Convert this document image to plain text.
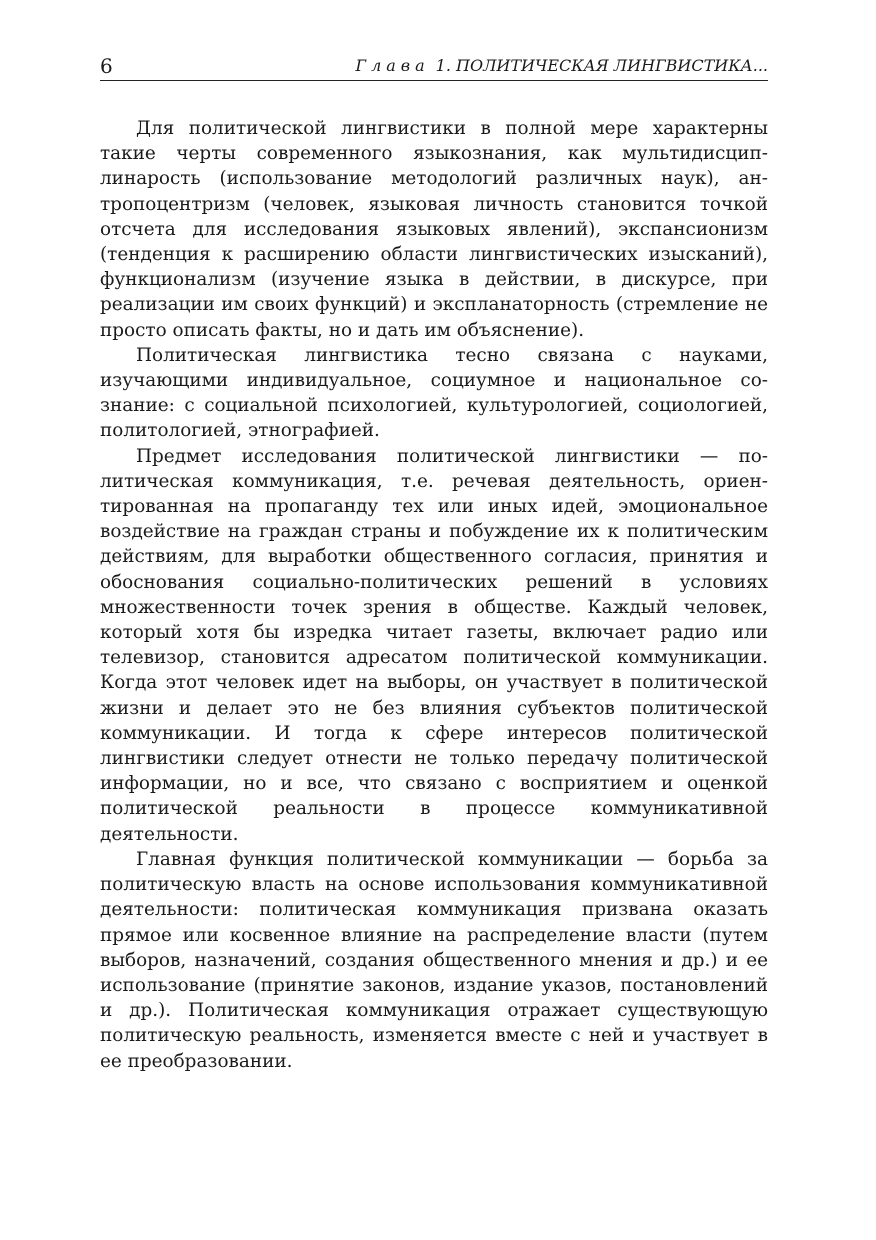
6	Глава 1. ПОЛИТИЧЕСКАЯ ЛИНГВИСТИКА...

Для политической лингвистики в полной мере характерны такие черты современного языкознания, как мультидисциплинарость (использование методологий различных наук), антропоцентризм (человек, языковая личность становится точкой отсчета для исследования языковых явлений), экспансионизм (тенденция к расширению области лингвистических изысканий), функционализм (изучение языка в действии, в дискурсе, при реализации им своих функций) и экспланаторность (стремление не просто описать факты, но и дать им объяснение).

Политическая лингвистика тесно связана с науками, изучающими индивидуальное, социумное и национальное сознание: с социальной психологией, культурологией, социологией, политологией, этнографией.

Предмет исследования политической лингвистики — политическая коммуникация, т.е. речевая деятельность, ориентированная на пропаганду тех или иных идей, эмоциональное воздействие на граждан страны и побуждение их к политическим действиям, для выработки общественного согласия, принятия и обоснования социально-политических решений в условиях множественности точек зрения в обществе. Каждый человек, который хотя бы изредка читает газеты, включает радио или телевизор, становится адресатом политической коммуникации. Когда этот человек идет на выборы, он участвует в политической жизни и делает это не без влияния субъектов политической коммуникации. И тогда к сфере интересов политической лингвистики следует отнести не только передачу политической информации, но и все, что связано с восприятием и оценкой политической реальности в процессе коммуникативной деятельности.

Главная функция политической коммуникации — борьба за политическую власть на основе использования коммуникативной деятельности: политическая коммуникация призвана оказать прямое или косвенное влияние на распределение власти (путем выборов, назначений, создания общественного мнения и др.) и ее использование (принятие законов, издание указов, постановлений и др.). Политическая коммуникация отражает существующую политическую реальность, изменяется вместе с ней и участвует в ее преобразовании.
